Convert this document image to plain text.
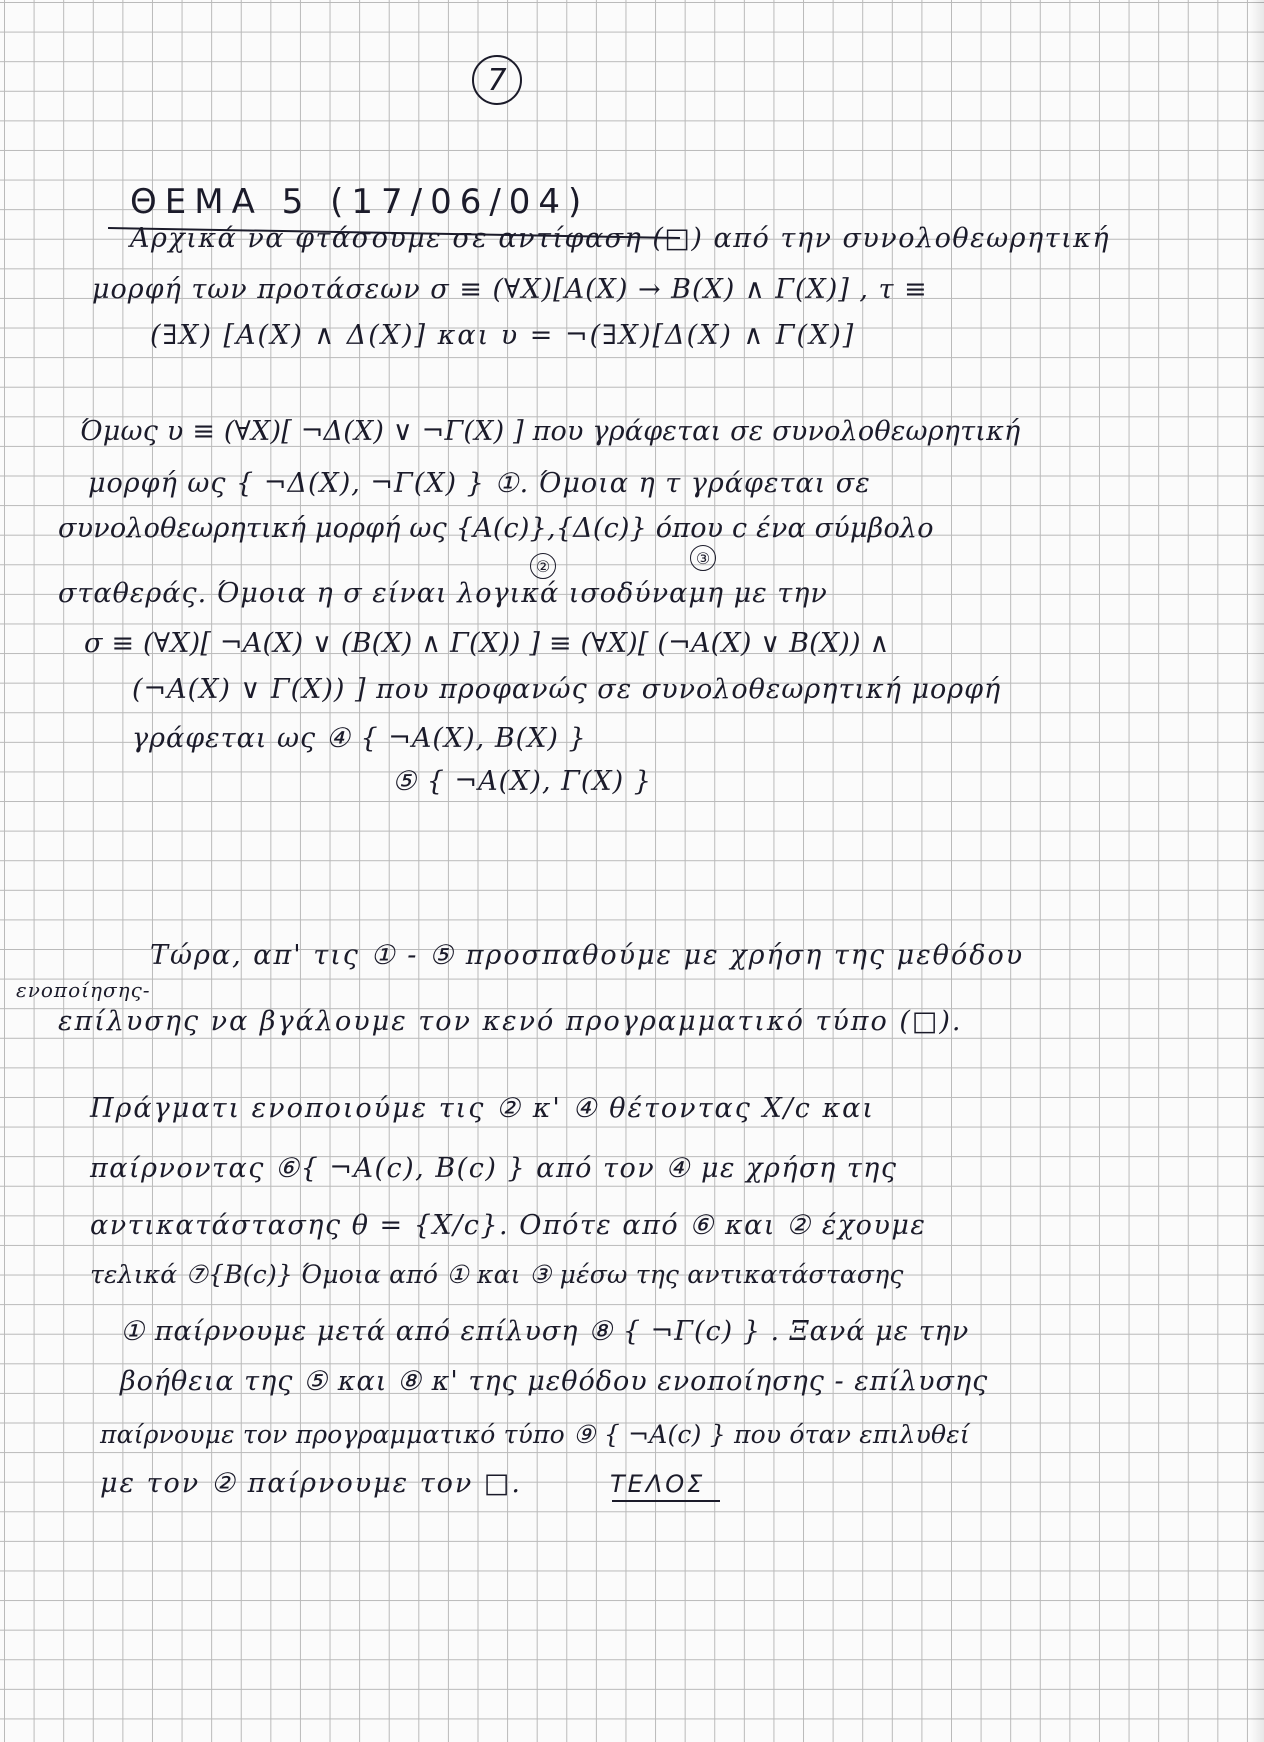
7
ΘΕΜΑ 5 (17/06/04)
Αρχικά να φτάσουμε σε αντίφαση (□) από την συνολοθεωρητική
μορφή των προτάσεων σ ≡ (∀X)[A(X) → B(X) ∧ Γ(X)] , τ ≡
(∃X) [A(X) ∧ Δ(X)] και υ = ¬(∃X)[Δ(X) ∧ Γ(X)]
Όμως υ ≡ (∀X)[ ¬Δ(X) ∨ ¬Γ(X) ] που γράφεται σε συνολοθεωρητική
μορφή ως { ¬Δ(X), ¬Γ(X) } ①. Όμοια η τ γράφεται σε
συνολοθεωρητική μορφή ως {A(c)},{Δ(c)} όπου c ένα σύμβολο
②	③
σταθεράς. Όμοια η σ είναι λογικά ισοδύναμη με την
σ ≡ (∀X)[ ¬A(X) ∨ (B(X) ∧ Γ(X)) ] ≡ (∀X)[ (¬A(X) ∨ B(X)) ∧
(¬A(X) ∨ Γ(X)) ] που προφανώς σε συνολοθεωρητική μορφή
γράφεται ως ④ { ¬A(X), B(X) }
⑤ { ¬A(X), Γ(X) }
Τώρα, απ' τις ① - ⑤ προσπαθούμε με χρήση της μεθόδου
ενοποίησης-
επίλυσης να βγάλουμε τον κενό προγραμματικό τύπο (□).
Πράγματι ενοποιούμε τις ② κ' ④ θέτοντας X/c και
παίρνοντας ⑥{ ¬A(c), B(c) } από τον ④ με χρήση της
αντικατάστασης θ = {X/c}. Οπότε από ⑥ και ② έχουμε
τελικά ⑦{B(c)} Όμοια από ① και ③ μέσω της αντικατάστασης
① παίρνουμε μετά από επίλυση ⑧ { ¬Γ(c) } . Ξανά με την
βοήθεια της ⑤ και ⑧ κ' της μεθόδου ενοποίησης - επίλυσης
παίρνουμε τον προγραμματικό τύπο ⑨ { ¬A(c) } που όταν επιλυθεί
με τον ② παίρνουμε τον □.	ΤΕΛΟΣ
